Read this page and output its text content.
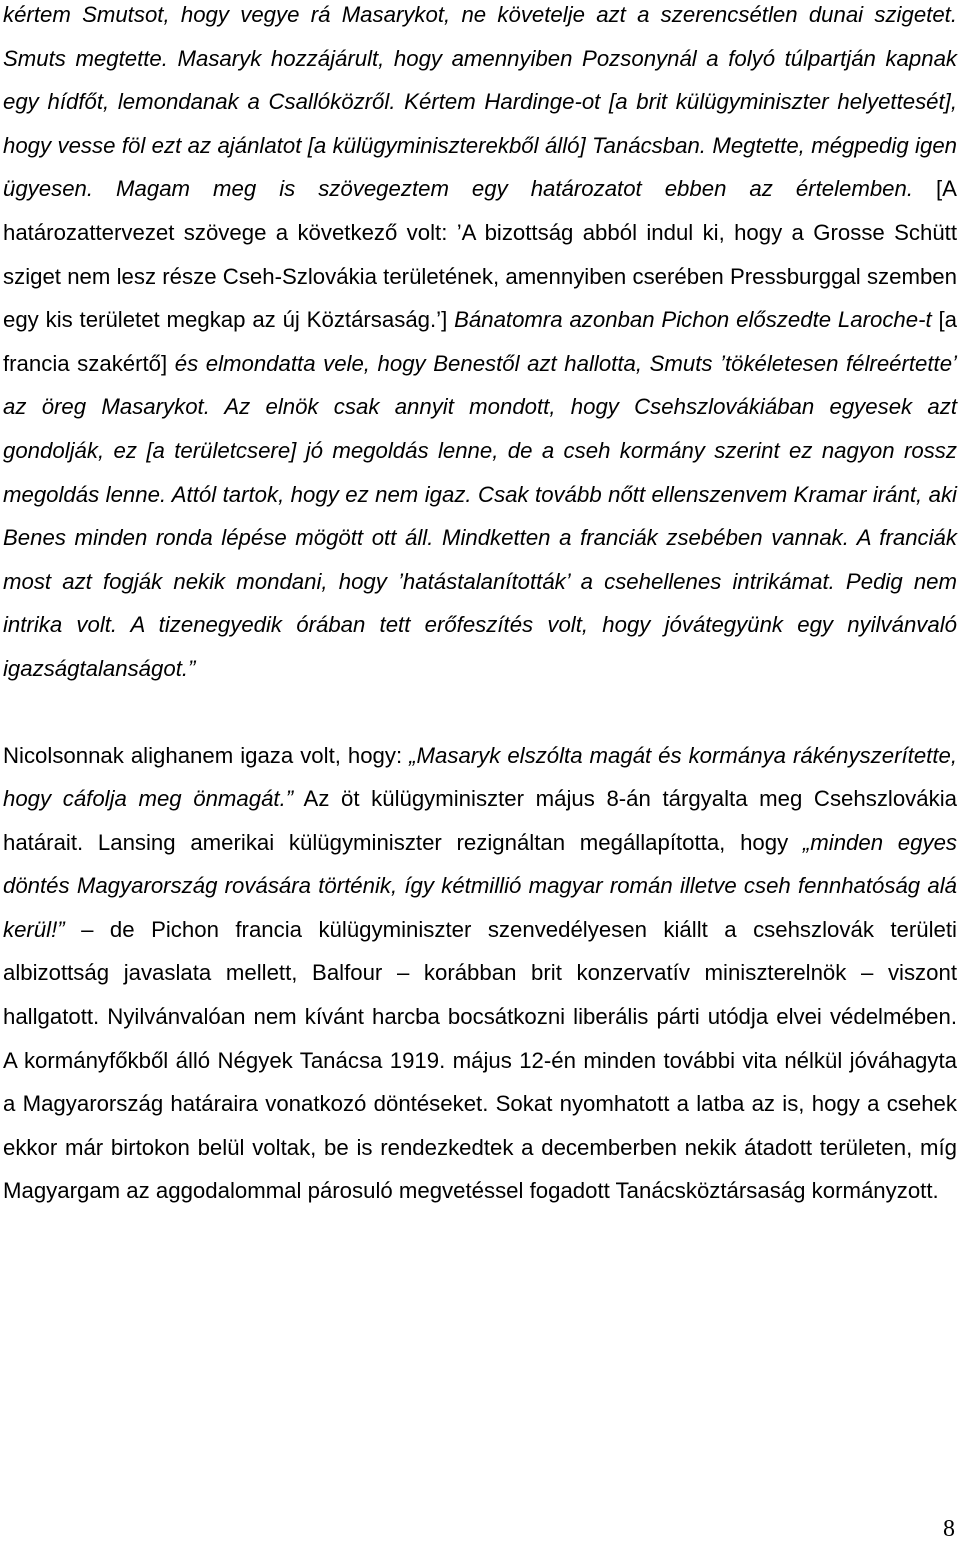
kértem Smutsot, hogy vegye rá Masarykot, ne követelje azt a szerencsétlen dunai szigetet. Smuts megtette. Masaryk hozzájárult, hogy amennyiben Pozsonynál a folyó túlpartján kapnak egy hídfőt, lemondanak a Csallóközről. Kértem Hardinge-ot [a brit külügyminiszter helyettesét], hogy vesse föl ezt az ajánlatot [a külügyminiszterekből álló] Tanácsban. Megtette, mégpedig igen ügyesen. Magam meg is szövegeztem egy határozatot ebben az értelemben. [A határozattervezet szövege a következő volt: ’A bizottság abból indul ki, hogy a Grosse Schütt sziget nem lesz része Cseh-Szlovákia területének, amennyiben cserében Pressburggal szemben egy kis területet megkap az új Köztársaság.’] Bánatomra azonban Pichon előszedte Laroche-t [a francia szakértő] és elmondatta vele, hogy Benestől azt hallotta, Smuts ’tökéletesen félreértette’ az öreg Masarykot. Az elnök csak annyit mondott, hogy Csehszlovákiában egyesek azt gondolják, ez [a területcsere] jó megoldás lenne, de a cseh kormány szerint ez nagyon rossz megoldás lenne. Attól tartok, hogy ez nem igaz. Csak tovább nőtt ellenszenvem Kramar iránt, aki Benes minden ronda lépése mögött ott áll. Mindketten a franciák zsebében vannak. A franciák most azt fogják nekik mondani, hogy ’hatástalanították’ a csehellenes intrikámat. Pedig nem intrika volt. A tizenegyedik órában tett erőfeszítés volt, hogy jóvátegyünk egy nyilvánvaló igazságtalanságot.”

Nicolsonnak alighanem igaza volt, hogy: „Masaryk elszólta magát és kormánya rákényszerítette, hogy cáfolja meg önmagát.” Az öt külügyminiszter május 8-án tárgyalta meg Csehszlovákia határait. Lansing amerikai külügyminiszter rezignáltan megállapította, hogy „minden egyes döntés Magyarország rovására történik, így kétmillió magyar román illetve cseh fennhatóság alá kerül!” – de Pichon francia külügyminiszter szenvedélyesen kiállt a csehszlovák területi albizottság javaslata mellett, Balfour – korábban brit konzervatív miniszterelnök – viszont hallgatott. Nyilvánvalóan nem kívánt harcba bocsátkozni liberális párti utódja elvei védelmében. A kormányfőkből álló Négyek Tanácsa 1919. május 12-én minden további vita nélkül jóváhagyta a Magyarország határaira vonatkozó döntéseket. Sokat nyomhatott a latba az is, hogy a csehek ekkor már birtokon belül voltak, be is rendezkedtek a decemberben nekik átadott területen, míg Magyargam az aggodalommal párosuló megvetéssel fogadott Tanácsköztársaság kormányzott.

8
